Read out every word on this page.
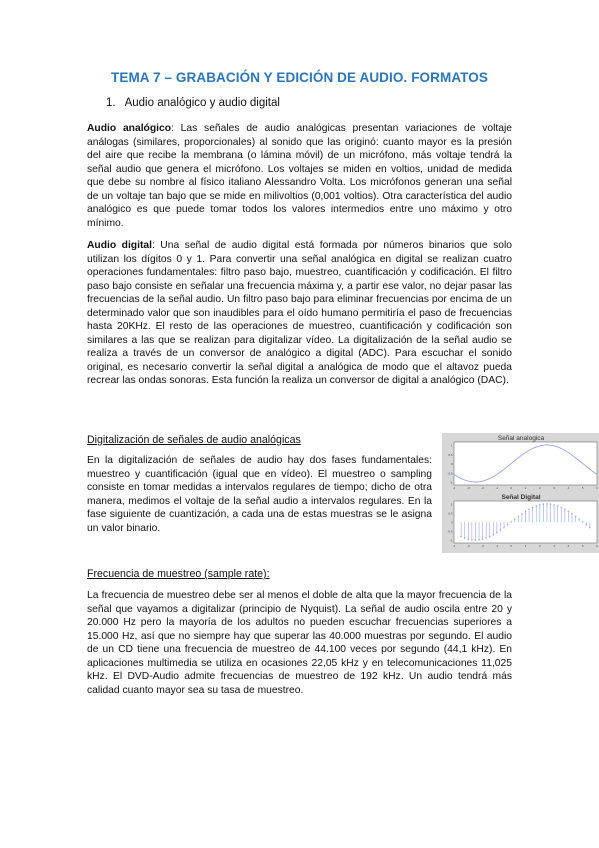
TEMA 7 – GRABACIÓN Y EDICIÓN DE AUDIO. FORMATOS
1. Audio analógico y audio digital

Audio analógico: Las señales de audio analógicas presentan variaciones de voltaje análogas (similares, proporcionales) al sonido que las originó: cuanto mayor es la presión del aire que recibe la membrana (o lámina móvil) de un micrófono, más voltaje tendrá la señal audio que genera el micrófono. Los voltajes se miden en voltios, unidad de medida que debe su nombre al físico italiano Alessandro Volta. Los micrófonos generan una señal de un voltaje tan bajo que se mide en milivoltios (0,001 voltios). Otra característica del audio analógico es que puede tomar todos los valores intermedios entre uno máximo y otro mínimo.

Audio digital: Una señal de audio digital está formada por números binarios que solo utilizan los dígitos 0 y 1. Para convertir una señal analógica en digital se realizan cuatro operaciones fundamentales: filtro paso bajo, muestreo, cuantificación y codificación. El filtro paso bajo consiste en señalar una frecuencia máxima y, a partir ese valor, no dejar pasar las frecuencias de la señal audio. Un filtro paso bajo para eliminar frecuencias por encima de un determinado valor que son inaudibles para el oído humano permitiría el paso de frecuencias hasta 20KHz. El resto de las operaciones de muestreo, cuantificación y codificación son similares a las que se realizan para digitalizar vídeo. La digitalización de la señal audio se realiza a través de un conversor de analógico a digital (ADC). Para escuchar el sonido original, es necesario convertir la señal digital a analógica de modo que el altavoz pueda recrear las ondas sonoras. Esta función la realiza un conversor de digital a analógico (DAC).

Digitalización de señales de audio analógicas

En la digitalización de señales de audio hay dos fases fundamentales: muestreo y cuantificación (igual que en vídeo). El muestreo o sampling consiste en tomar medidas a intervalos regulares de tiempo; dicho de otra manera, medimos el voltaje de la señal audio a intervalos regulares. En la fase siguiente de cuantización, a cada una de estas muestras se le asigna un valor binario.

Señal analogica
Señal Digital
1
0.5
0
-0.5
-1
-4	-3	-2	-1	0	1	2	3	4	5	6
1
0.5
0
-0.5
-1
-4	-3	-2	-1	0	1	2	3	4	5	6
Frecuencia de muestreo (sample rate):

La frecuencia de muestreo debe ser al menos el doble de alta que la mayor frecuencia de la señal que vayamos a digitalizar (principio de Nyquist). La señal de audio oscila entre 20 y 20.000 Hz pero la mayoría de los adultos no pueden escuchar frecuencias superiores a 15.000 Hz, así que no siempre hay que superar las 40.000 muestras por segundo. El audio de un CD tiene una frecuencia de muestreo de 44.100 veces por segundo (44,1 kHz). En aplicaciones multimedia se utiliza en ocasiones 22,05 kHz y en telecomunicaciones 11,025 kHz. El DVD-Audio admite frecuencias de muestreo de 192 kHz. Un audio tendrá más calidad cuanto mayor sea su tasa de muestreo.
